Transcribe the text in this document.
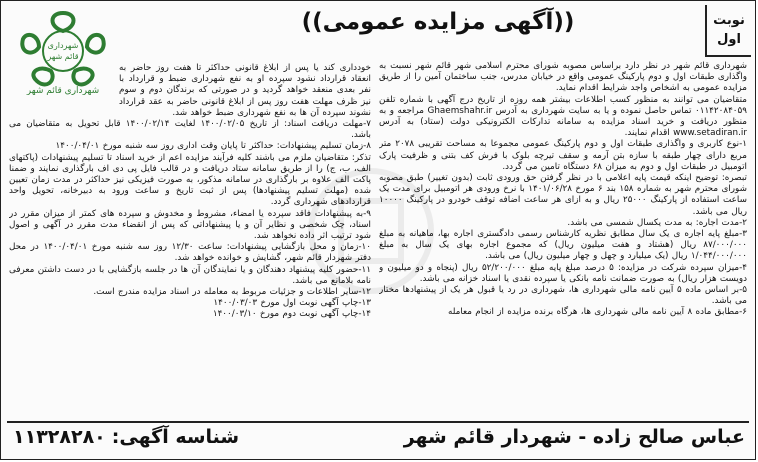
نوبت
اول
((آگهی مزایده عمومی))
شهرداری
قائم شهر
شهرداری قائم شهر

شهرداری قائم شهر در نظر دارد براساس مصوبه شورای محترم اسلامی شهر قائم شهر نسبت به واگذاری طبقات اول و دوم پارکینگ عمومی واقع در خیابان مدرس، جنب ساختمان آمین را از طریق مزایده عمومی به اشخاص واجد شرایط اقدام نماید.

متقاضیان می توانند به منظور کسب اطلاعات بیشتر همه روزه از تاریخ درج آگهی با شماره تلفن ۰۱۱۴۲۰۸۴۰۵۹ تماس حاصل نموده و یا به سایت شهرداری به آدرس Ghaemshahr.ir مراجعه و به منظور دریافت و خرید اسناد مزایده به سامانه تدارکات الکترونیکی دولت (ستاد) به آدرس www.setadiran.ir اقدام نمایند.

۱-نوع کاربری و واگذاری طبقات اول و دوم پارکینگ عمومی مجموعا به مساحت تقریبی ۲۰۷۸ متر مربع دارای چهار طبقه با سازه بتن آرمه و سقف تیرچه بلوک با فرش کف بتنی و ظرفیت پارک اتومبیل در طبقات اول و دوم به میزان ۶۸ دستگاه تامین می گردد.

تبصره: توضیح اینکه قیمت پایه اعلامی با در نظر گرفتن حق ورودی ثابت (بدون تغییر) طبق مصوبه شورای محترم شهر به شماره ۱۵۸ بند ۶ مورخ ۱۴۰۱/۰۶/۲۸ با نرخ ورودی هر اتومبیل برای مدت یک ساعت استفاده از پارکینگ ۲۵۰۰۰ ریال و به ازای هر ساعت اضافه توقف خودرو در پارکینگ ۱۰۰۰۰ ریال می باشد.

۲-مدت اجاره: به مدت یکسال شمسی می باشد.

۳-مبلغ پایه اجاره ی یک سال مطابق نظریه کارشناس رسمی دادگستری اجاره بها، ماهیانه به مبلغ ۸۷/۰۰۰/۰۰۰ ریال (هشتاد و هفت میلیون ریال) که مجموع اجاره بهای یک سال به مبلغ ۱/۰۴۴/۰۰۰/۰۰۰ ریال (یک میلیارد و چهل و چهار میلیون ریال) می باشد.

۴-میزان سپرده شرکت در مزایده: ۵ درصد مبلغ پایه مبلغ ۵۲/۲۰۰/۰۰۰ ریال (پنجاه و دو میلیون و دویست هزار ریال) به صورت ضمانت نامه بانکی یا سپرده نقدی یا اسناد خزانه می باشد.

۵-بر اساس ماده ۵ آیین نامه مالی شهرداری ها، شهرداری در رد یا قبول هر یک از پیشنهادها مختار می باشد.

۶-مطابق ماده ۸ آیین نامه مالی شهرداری ها، هرگاه برنده مزایده از انجام معامله

خودداری کند یا پس از ابلاغ قانونی حداکثر تا هفت روز حاضر به انعقاد قرارداد نشود سپرده او به نفع شهرداری ضبط و قرارداد با نفر بعدی منعقد خواهد گردید و در صورتی که برندگان دوم و سوم نیز ظرف مهلت هفت روز پس از ابلاغ قانونی حاضر به عقد قرارداد نشوند سپرده آن ها به نفع شهرداری ضبط خواهد شد.

۷-مهلت دریافت اسناد: از تاریخ ۱۴۰۰/۰۲/۰۵ لغایت ۱۴۰۰/۰۲/۱۴ قابل تحویل به متقاضیان می باشد.

۸-زمان تسلیم پیشنهادات: حداکثر تا پایان وقت اداری روز سه شنبه مورخ ۱۴۰۰/۰۴/۰۱

تذکر: متقاضیان ملزم می باشند کلیه فرآیند مزایده اعم از خرید اسناد تا تسلیم پیشنهادات (پاکتهای الف، ب، ج) را از طریق سامانه ستاد دریافت و در قالب فایل پی دی اف بارگذاری نمایند و ضمنا پاکت الف علاوه بر بارگذاری در سامانه مذکور، به صورت فیزیکی نیز حداکثر در مدت زمان تعیین شده (مهلت تسلیم پیشنهادها) پس از ثبت تاریخ و ساعت ورود به دبیرخانه، تحویل واحد قراردادهای شهرداری گردد.

۹-به پیشنهادات فاقد سپرده یا امضاء، مشروط و مخدوش و سپرده های کمتر از میزان مقرر در اسناد، چک شخصی و نظایر آن و یا پیشنهاداتی که پس از انقضاء مدت مقرر در آگهی و اصول شود ترتیب اثر داده نخواهد شد.

۱۰-زمان و محل بازگشایی پیشنهادات: ساعت ۱۲/۳۰ روز سه شنبه مورخ ۱۴۰۰/۰۴/۰۱ در محل دفتر شهردار قائم شهر، گشایش و خوانده خواهد شد.

۱۱-حضور کلیه پیشنهاد دهندگان و یا نمایندگان آن ها در جلسه بازگشایی با در دست داشتن معرفی نامه بلامانع می باشد.

۱۲-سایر اطلاعات و جزئیات مربوط به معامله در اسناد مزایده مندرج است.

۱۳-چاپ آگهی نوبت اول مورخ ۱۴۰۰/۰۳/۰۳

۱۴-چاپ آگهی نوبت دوم مورخ ۱۴۰۰/۰۳/۱۰

عباس صالح زاده - شهردار قائم شهر
شناسه آگهی:
۱۱۳۲۸۲۸۰
